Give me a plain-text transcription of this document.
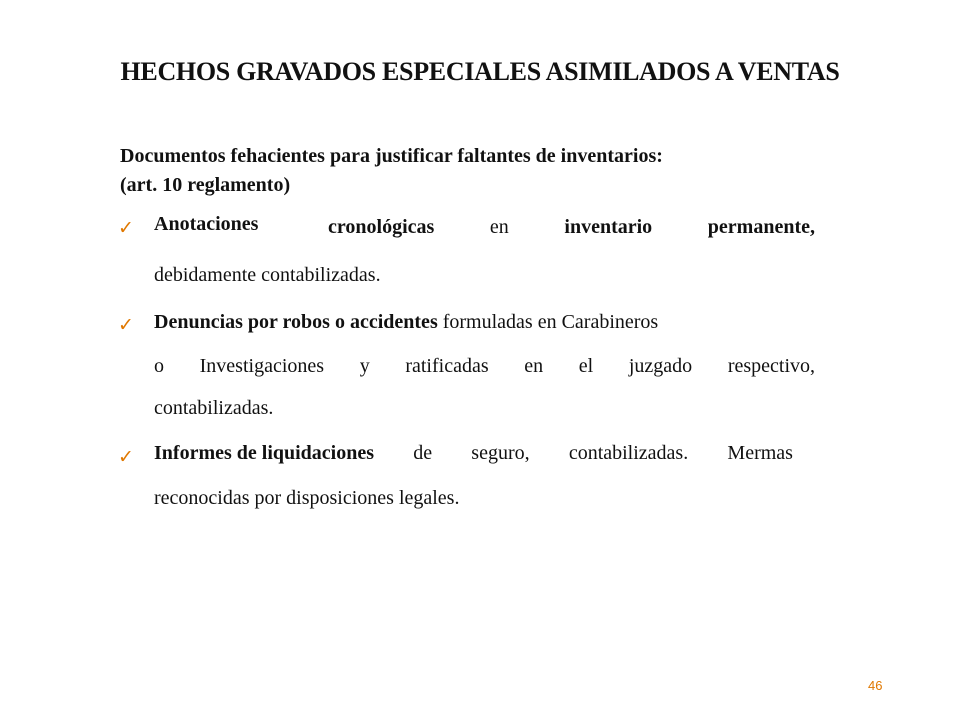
HECHOS GRAVADOS ESPECIALES ASIMILADOS A VENTAS
Documentos fehacientes para justificar faltantes de inventarios:
(art. 10 reglamento)
✓ Anotaciones	cronológicas	en	inventario	permanente,
debidamente contabilizadas.
✓ Denuncias por robos o accidentes formuladas en Carabineros
o Investigaciones y ratificadas en el juzgado respectivo,
contabilizadas.
✓ Informes de liquidaciones de seguro, contabilizadas. Mermas
reconocidas por disposiciones legales.
46
